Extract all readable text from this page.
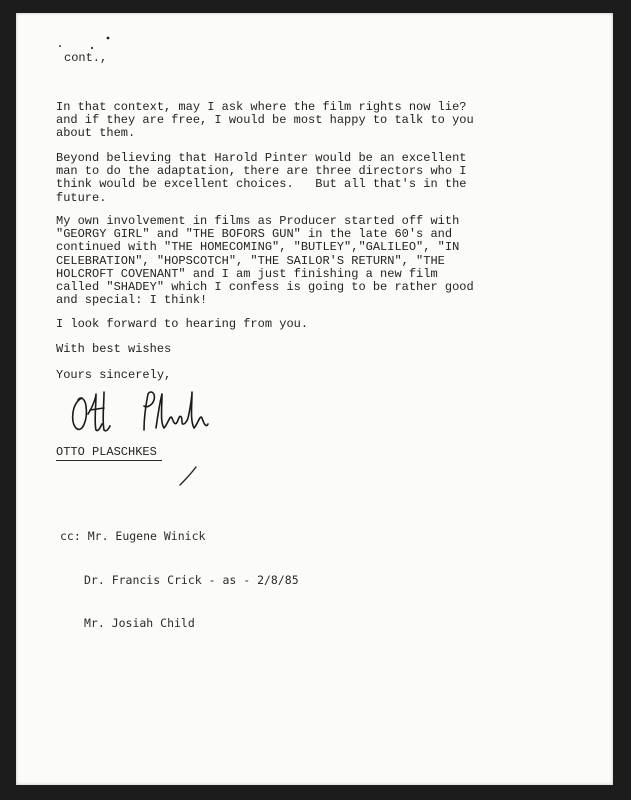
cont.,
In that context, may I ask where the film rights now lie?
and if they are free, I would be most happy to talk to you
about them.
Beyond believing that Harold Pinter would be an excellent
man to do the adaptation, there are three directors who I
think would be excellent choices.   But all that's in the
future.
My own involvement in films as Producer started off with
"GEORGY GIRL" and "THE BOFORS GUN" in the late 60's and
continued with "THE HOMECOMING", "BUTLEY","GALILEO", "IN
CELEBRATION", "HOPSCOTCH", "THE SAILOR'S RETURN", "THE
HOLCROFT COVENANT" and I am just finishing a new film
called "SHADEY" which I confess is going to be rather good
and special: I think!
I look forward to hearing from you.
With best wishes
Yours sincerely,
OTTO PLASCHKES

cc: Mr. Eugene Winick

Dr. Francis Crick - as - 2/8/85

Mr. Josiah Child
